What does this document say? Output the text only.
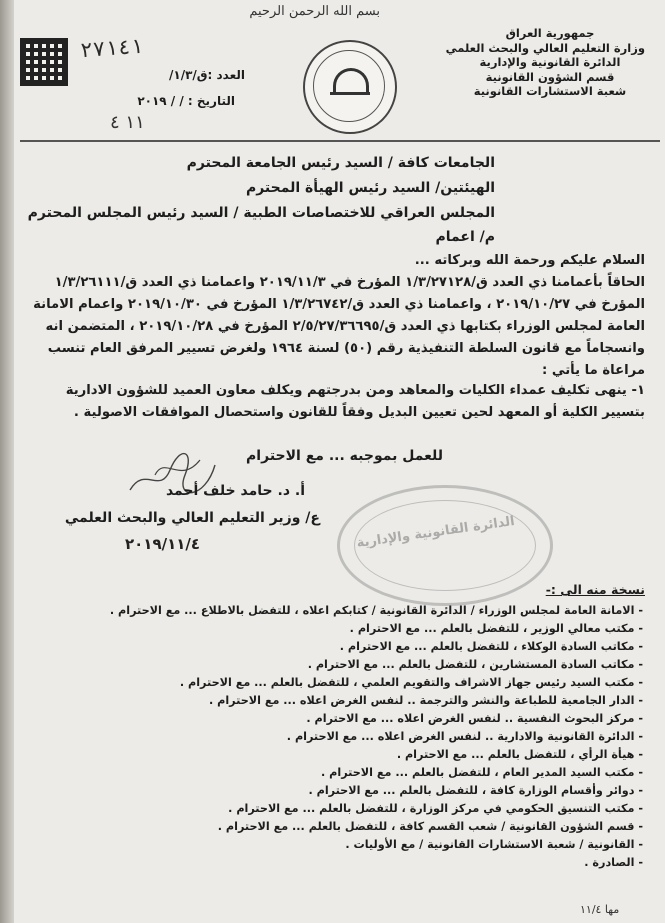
بسم الله الرحمن الرحيم
جمهورية العراق
وزارة التعليم العالي والبحث العلمي
الدائرة القانونية والإدارية
قسم الشؤون القانونية
شعبة الاستشارات القانونية
٢٧١٤١
العدد :ق/١/٣/
التاريخ : / / ٢٠١٩
١١ ٤
الجامعات كافة / السيد رئيس الجامعة المحترم
الهيئتين/ السيد رئيس الهيأة المحترم
المجلس العراقي للاختصاصات الطبية / السيد رئيس المجلس المحترم
م/ اعمام
السلام عليكم ورحمة الله وبركاته ...
الحاقاً بأعمامنا ذي العدد ق/١/٣/٢٧١٢٨ المؤرخ في ٢٠١٩/١١/٣ واعمامنا ذي العدد ق/١/٣/٢٦١١١ المؤرخ في ٢٠١٩/١٠/٢٧ ، واعمامنا ذي العدد ق/١/٣/٢٦٧٤٢ المؤرخ في ٢٠١٩/١٠/٣٠ واعمام الامانة العامة لمجلس الوزراء بكتابها ذي العدد ق/٢/٥/٢٧/٣٦٦٩٥ المؤرخ في ٢٠١٩/١٠/٢٨ ، المتضمن انه وانسجاماً مع قانون السلطة التنفيذية رقم (٥٠) لسنة ١٩٦٤ ولغرض تسيير المرفق العام تنسب مراعاة ما يأتي :
١- ينهى تكليف عمداء الكليات والمعاهد ومن بدرجتهم ويكلف معاون العميد للشؤون الادارية بتسيير الكلية أو المعهد لحين تعيين البديل وفقاً للقانون واستحصال الموافقات الاصولية .
للعمل بموجبه ... مع الاحترام
الدائرة القانونية والإدارية
أ. د. حامد خلف أحمد
ع/ وزير التعليم العالي والبحث العلمي
٢٠١٩/١١/٤
نسخة منه الى :-
- الامانة العامة لمجلس الوزراء / الدائرة القانونية / كتابكم اعلاه ، للتفضل بالاطلاع ... مع الاحترام .
- مكتب معالي الوزير ، للتفضل بالعلم ... مع الاحترام .
- مكاتب السادة الوكلاء ، للتفضل بالعلم ... مع الاحترام .
- مكاتب السادة المستشارين ، للتفضل بالعلم ... مع الاحترام .
- مكتب السيد رئيس جهاز الاشراف والتقويم العلمي ، للتفضل بالعلم ... مع الاحترام .
- الدار الجامعية للطباعة والنشر والترجمة .. لنفس الغرض اعلاه ... مع الاحترام .
- مركز البحوث النفسية .. لنفس الغرض اعلاه ... مع الاحترام .
- الدائرة القانونية والادارية .. لنفس الغرض اعلاه ... مع الاحترام .
- هيأة الرأي ، للتفضل بالعلم ... مع الاحترام .
- مكتب السيد المدير العام ، للتفضل بالعلم ... مع الاحترام .
- دوائر وأقسام الوزارة كافة ، للتفضل بالعلم ... مع الاحترام .
- مكتب التنسيق الحكومي في مركز الوزارة ، للتفضل بالعلم ... مع الاحترام .
- قسم الشؤون القانونية / شعب القسم كافة ، للتفضل بالعلم ... مع الاحترام .
- القانونية / شعبة الاستشارات القانونية / مع الأوليات .
- الصادرة .
مها ١١/٤
